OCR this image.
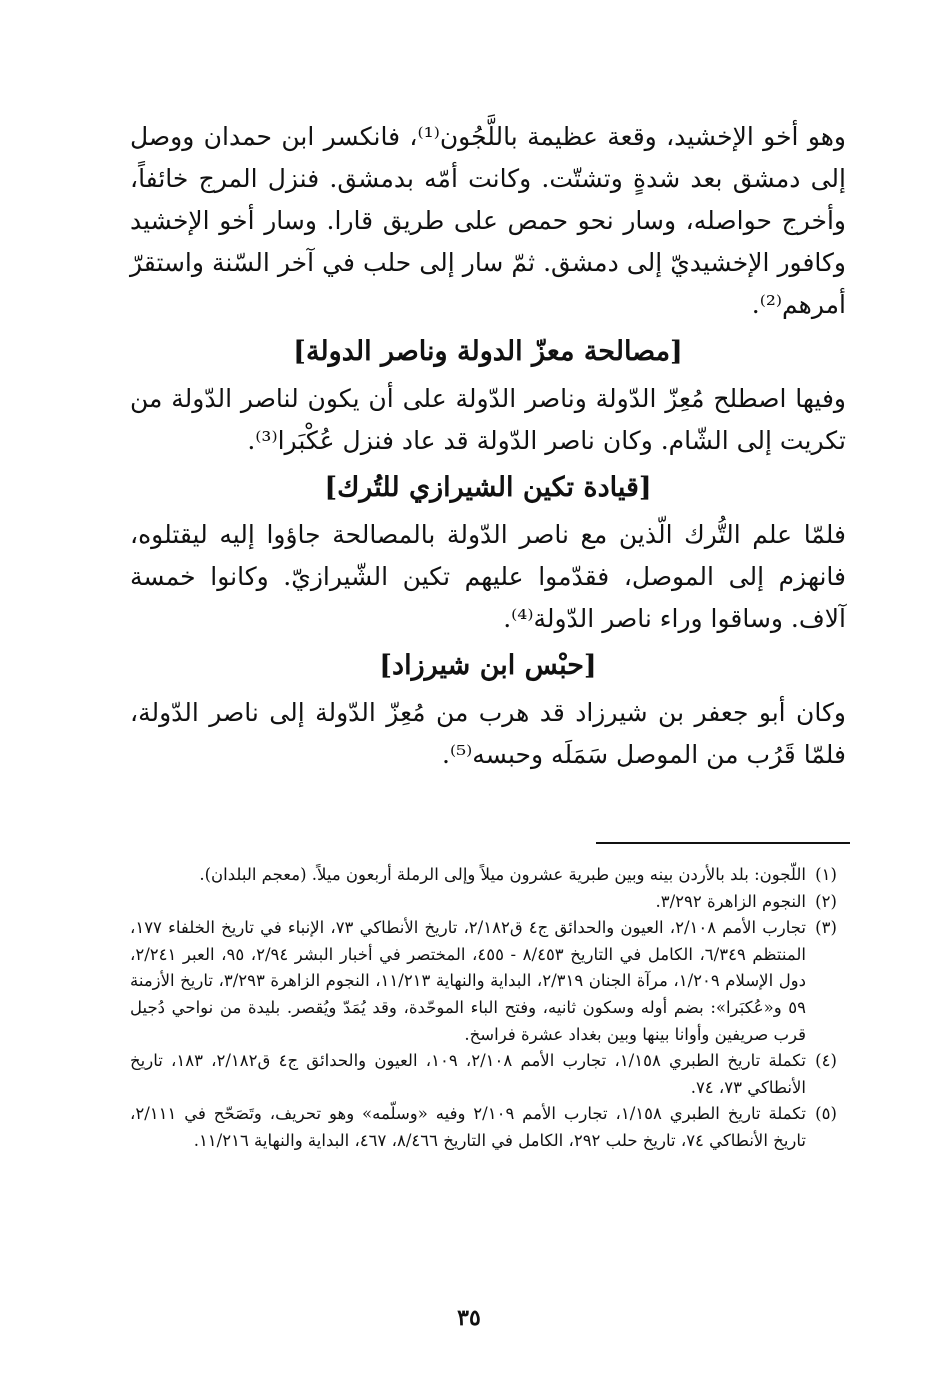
وهو أخو الإخشيد، وقعة عظيمة باللَّجُون⁽¹⁾، فانكسر ابن حمدان ووصل إلى دمشق بعد شدةٍ وتشتّت. وكانت أمّه بدمشق. فنزل المرج خائفاً، وأخرج حواصله، وسار نحو حمص على طريق قارا. وسار أخو الإخشيد وكافور الإخشيديّ إلى دمشق. ثمّ سار إلى حلب في آخر السّنة واستقرّ أمرهم⁽²⁾.

[مصالحة معزّ الدولة وناصر الدولة]

وفيها اصطلح مُعِزّ الدّولة وناصر الدّولة على أن يكون لناصر الدّولة من تكريت إلى الشّام. وكان ناصر الدّولة قد عاد فنزل عُكْبَرا⁽³⁾.

[قيادة تكين الشيرازي للتُرك]

فلمّا علم التُّرك الّذين مع ناصر الدّولة بالمصالحة جاؤوا إليه ليقتلوه، فانهزم إلى الموصل، فقدّموا عليهم تكين الشّيرازيّ. وكانوا خمسة آلاف. وساقوا وراء ناصر الدّولة⁽⁴⁾.

[حبْس ابن شيرزاد]

وكان أبو جعفر بن شيرزاد قد هرب من مُعِزّ الدّولة إلى ناصر الدّولة، فلمّا قَرُب من الموصل سَمَلَه وحبسه⁽⁵⁾.

(١)
اللّجون: بلد بالأردن بينه وبين طبرية عشرون ميلاً وإلى الرملة أربعون ميلاً. (معجم البلدان).
(٢)
النجوم الزاهرة ٣/٢٩٢.
(٣)
تجارب الأمم ٢/١٠٨، العيون والحدائق ج٤ ق٢/١٨٢، تاريخ الأنطاكي ٧٣، الإنباء في تاريخ الخلفاء ١٧٧، المنتظم ٦/٣٤٩، الكامل في التاريخ ٨/٤٥٣ - ٤٥٥، المختصر في أخبار البشر ٢/٩٤، ٩٥، العبر ٢/٢٤١، دول الإسلام ١/٢٠٩، مرآة الجنان ٢/٣١٩، البداية والنهاية ١١/٢١٣، النجوم الزاهرة ٣/٢٩٣، تاريخ الأزمنة ٥٩ و«عُكبَرا»: بضم أوله وسكون ثانيه، وفتح الباء الموحّدة، وقد يُمَدّ ويُقصر. بليدة من نواحي دُجيل قرب صريفين وأوانا بينها وبين بغداد عشرة فراسخ.
(٤)
تكملة تاريخ الطبري ١/١٥٨، تجارب الأمم ٢/١٠٨، ١٠٩، العيون والحدائق ج٤ ق٢/١٨٢، ١٨٣، تاريخ الأنطاكي ٧٣، ٧٤.
(٥)
تكملة تاريخ الطبري ١/١٥٨، تجارب الأمم ٢/١٠٩ وفيه «وسلّمه» وهو تحريف، وتَصَحّح في ٢/١١١، تاريخ الأنطاكي ٧٤، تاريخ حلب ٢٩٢، الكامل في التاريخ ٨/٤٦٦، ٤٦٧، البداية والنهاية ١١/٢١٦.
٣٥
